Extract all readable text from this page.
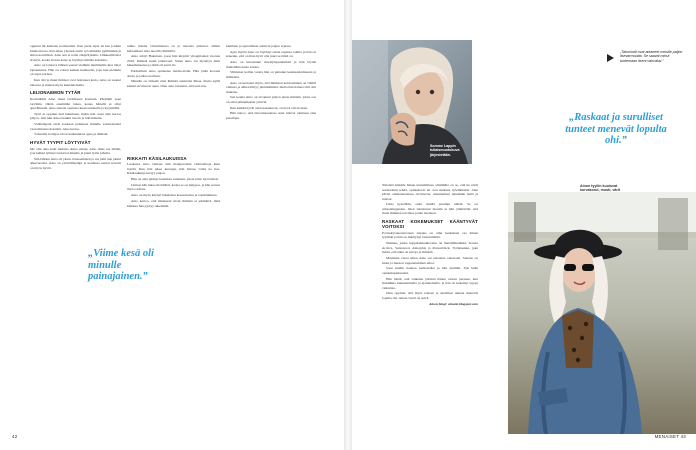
oppinut tik kumaan normaalisti. Kun pieni lapsi nä kee jotakin kiinnostavaa, hän alkaa yleensä ensin ryö mimään pyllimiinsä ja sitten kontillaan. Aino sen si nolle olkiyrityksiin. Liikkeelläolevi sivistyi, koska hi nun katse ei löytänyt mitään kohdetta.

Aino on loistava lähtien saanut vieläkin mummaille kier tänyt lapsuutensa. Hän on voinut kaiken kuunnella, jopa kun pienikin on arjen parissa.

Kun äiti ja muut ihmiset ovat hoitaneet kotia, Aino on saanut taitonsa ja kaiken myös kuuntelemalla.

LEIJONAEMON TYTÄR

Kouluikäsä Aino meni tavalliseen kouluun. Pärjäämi seen tarvittiin vähän enemmän tukea, koska hänellä ei ollut apuvälineitä. Aino seurasi opetusta kuun telemalla ja kysymällä.

Tyttö ei oppinut heti lukemaan, mutta hän osasi aina kertoa paljon. Äiti tuki Ainoa kaikin tavoin ja luki hänelle.

Vanhempani eivät koskaan puhuneet minulle sairaudestani vaan minusta itsestäni, Aino kertoo.

Toissailta hoitajat toivat kaikenlaista apua ja ihmisiä.

HYVÄT TYYPIT LÖYTYIVÄT

Me olin aina kuin laulusta Anna suhun, Aino muis taa tämän, jota kaikki tyttäret lauloivat hänelle ja pieni tytön pihalla.

Sitä lähtien Aino oli yksin. Kiusaamisen jo sai johti nen jatkui alkuvuosina. Aino on ystävällisempi ja koulussa asuvat kaverit on myös hyviä.

tuhka. Käsite virtaamisesta on jo tekoista jatkuvat. Olisin haluamisen tilaa nuorilla ihmisillä.

Aino siirtyi Hakalaan, jossa hän kirjoitti ylioppilaaksi vuonna 2016. Ihmisiä kuuli jatkuvasti. Sitten Aino sai täytettyä tukit hakemuksensa ja tämä oli suuri ilo.

Parhaillaan Aino opiskelee media-alalla. Hän pitää kovasti alasta ja jatkaa urallaan.

Minulle on tärkeää ettei ihmisiä autettaisi liikaa, mutta kyllä kaikki tarvitsevat apua. Olen aina toistanut, että teen itse.

RIKKAITI KÄSILAUKUISSA

Luokassa Aino valitsee niin monipuolisia vaihtoehtoja kuin löytää. Kun hän tekee kursseja, hän haluaa valita ne itse. Käsilaukkuja kertyy paljon.

Hän on aina pitänyt kauniista esineistä, joista tulee hyvä mieli.

Uutiset hän lukee mobiilisti, koska se on helppoa, ja hän seuraa myös radiota.

Aino on myös käynyt lukuisissa konserteissa ja tapahtumissa.

Aino kertoo, että ilmeisesti moni ihmisiä ei ymmärrä, mitä kaikkea hän pystyy tekemään.

„Viime kesä oli minulle painajainen.”

keminen ja apuvälineet auttavat paljon arjessa.

Ajan myötä Aino on löytänyt oman tapansa toimia ja hän on kokenut, että on ihan hyvä olla juuri se mikä on.

Aino on innostunut muotijärjestelmistä ja hän löytää mielellään uusia asioita.

Viimeiset kolme vuotta hän on puhunut keskustelemisesta ja ihmisistä.

Aino on kertonut myös, että ihmisten kohtaaminen on välillä vaikeaa ja siihen liittyy jännittämistä, mutta hän haluaa silti olla mukana.

Sen kautta Aino on tavannut paljon uusia ihmisiä, joista osa on ollut pitkäaikaisia ystäviä.

Kun kaikki hyvät asiat kasautuvat, on hyvä olla iloinen.

Hän uskoo, että tulevaisuudessa asiat tulevat olemaan aina parempia.

42
Somme Lappin tuliaismuotokuva järjestetään.
„Tatuoinnit ovat antaneet minulle paljon itsevarmuutta. Se saavat minut tuntemaan itseni vahvaksi.”
„Raskaat ja surulliset tunteet menevät lopulta ohi.”
Ainon tyyliin kuuluvat korvakorut, muoti, värit

Yhteistä kaikille hänen tuntemilleen alttiimille on se, että he eivät normaalisti tehdä, opiskelevat tai ovat mukana työelämässä. Joku kävisi ominaisuutensa tarvitsevat, tutustumiset tekemään heitä ja tulevat.

Uutis kysellään, onko meillä parempi nähdä. Se on urbaanilegendaa. Olen tutustunut moniin ja hän ymmärtää, että moni ihminen tarvitsee jotain itselleen.

RASKAAT KOKEMUKSET KÄÄNTYVÄT VOITOKSI

Portaskyvenenvuoteen taipuus on ollut keskeinen osa hänen tyyliään ja hän on mieltynyt tatuointeihin.

Naimen, jonka nappikuukulkevissa on metallimusiikki, Sonata Arctica, Sentenced, Amorphis ja Poisonblack. Työlaisekka, joka tietää, että siinä on kivoja ja ihmisiä.

Muutama vuosi sitten Aino sai sairastua vakavasti. Sairaus on hidas ja luuston rappeutuminen alkoi.

Sasu kuulin hannan perheestäsi ja hän tiettiäni. Tyk kään opiskelupaikastani.

Hän tietää, että vaikeina päivinä hänen olonsa paranee, kun musiikkia kuuntelemalla ja ajattelemalla, ja hän on keksinyt tapoja vaikuttaa.

Olen oppinut, että myös raskaat ja surulliset tunteet menevät lopulta ohi. Ainon viesti on selvä.

Ainon blogi: ainonk.blogspot.com

MENAISET 43
